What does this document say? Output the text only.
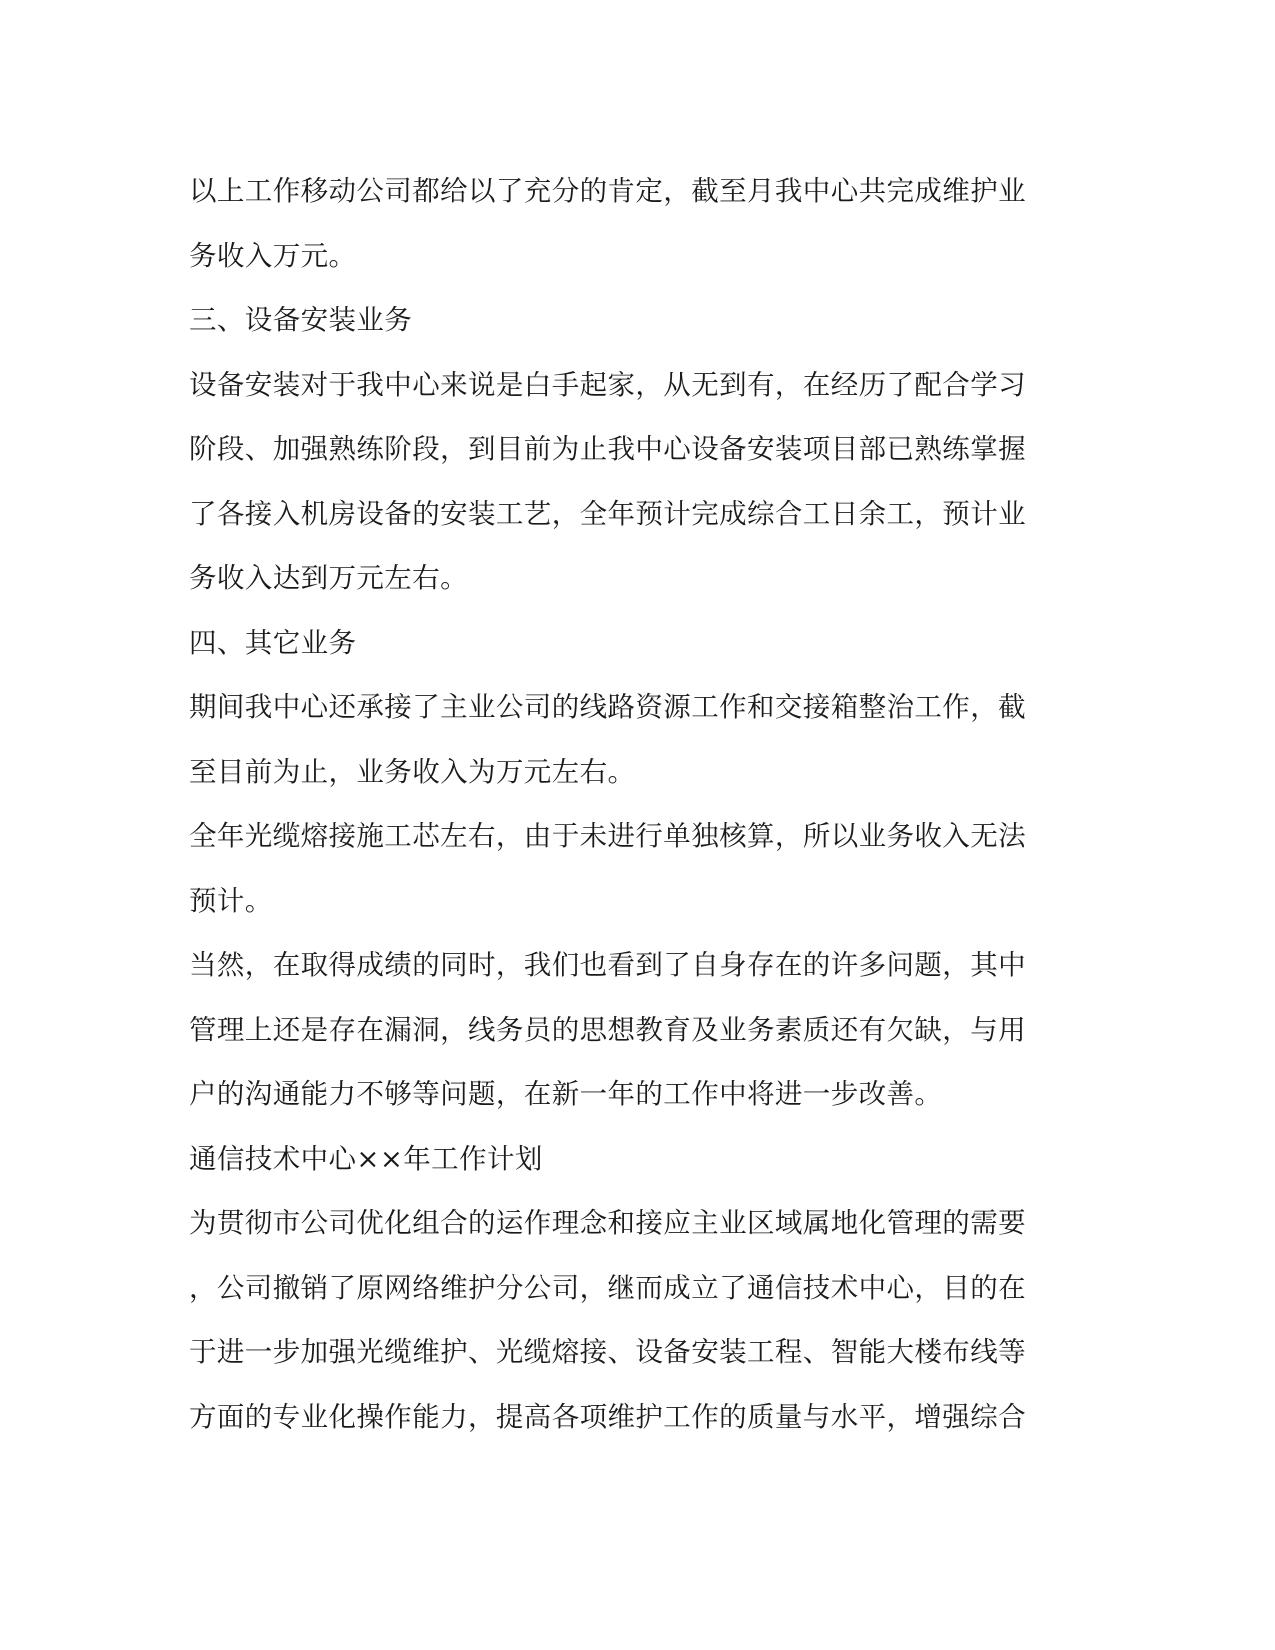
以上工作移动公司都给以了充分的肯定，截至月我中心共完成维护业
务收入万元。
三、设备安装业务
设备安装对于我中心来说是白手起家，从无到有，在经历了配合学习
阶段、加强熟练阶段，到目前为止我中心设备安装项目部已熟练掌握
了各接入机房设备的安装工艺，全年预计完成综合工日余工，预计业
务收入达到万元左右。
四、其它业务
期间我中心还承接了主业公司的线路资源工作和交接箱整治工作，截
至目前为止，业务收入为万元左右。
全年光缆熔接施工芯左右，由于未进行单独核算，所以业务收入无法
预计。
当然，在取得成绩的同时，我们也看到了自身存在的许多问题，其中
管理上还是存在漏洞，线务员的思想教育及业务素质还有欠缺，与用
户的沟通能力不够等问题，在新一年的工作中将进一步改善。
通信技术中心××年工作计划
为贯彻市公司优化组合的运作理念和接应主业区域属地化管理的需要
，公司撤销了原网络维护分公司，继而成立了通信技术中心，目的在
于进一步加强光缆维护、光缆熔接、设备安装工程、智能大楼布线等
方面的专业化操作能力，提高各项维护工作的质量与水平，增强综合
